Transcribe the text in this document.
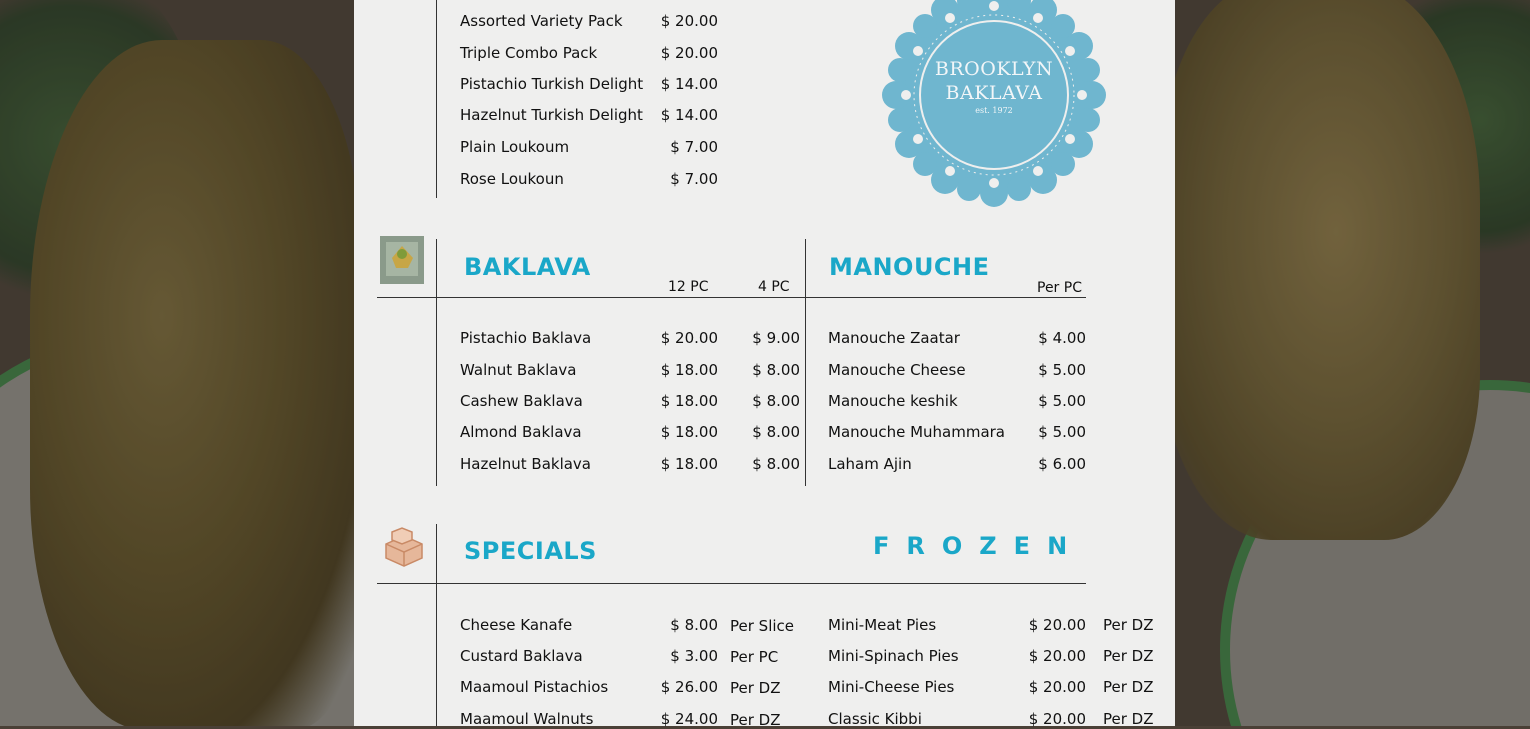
Assorted Variety Pack	$ 20.00
Triple Combo Pack	$ 20.00
Pistachio Turkish Delight	$ 14.00
Hazelnut Turkish Delight	$ 14.00
Plain Loukoum	$ 7.00
Rose Loukoun	$ 7.00
BROOKLYN
BAKLAVA
est. 1972
BAKLAVA
12 PC	4 PC
MANOUCHE
Per PC
Pistachio Baklava	$ 20.00	$ 9.00
Walnut Baklava	$ 18.00	$ 8.00
Cashew Baklava	$ 18.00	$ 8.00
Almond Baklava	$ 18.00	$ 8.00
Hazelnut Baklava	$ 18.00	$ 8.00
Manouche Zaatar	$ 4.00
Manouche Cheese	$ 5.00
Manouche keshik	$ 5.00
Manouche Muhammara	$ 5.00
Laham Ajin	$ 6.00
SPECIALS	FROZEN
Cheese Kanafe	$ 8.00 Per Slice
Custard Baklava	$ 3.00 Per PC
Maamoul Pistachios	$ 26.00 Per DZ
Maamoul Walnuts	$ 24.00 Per DZ
Mini-Meat Pies	$ 20.00 Per DZ
Mini-Spinach Pies	$ 20.00 Per DZ
Mini-Cheese Pies	$ 20.00 Per DZ
Classic Kibbi	$ 20.00 Per DZ
